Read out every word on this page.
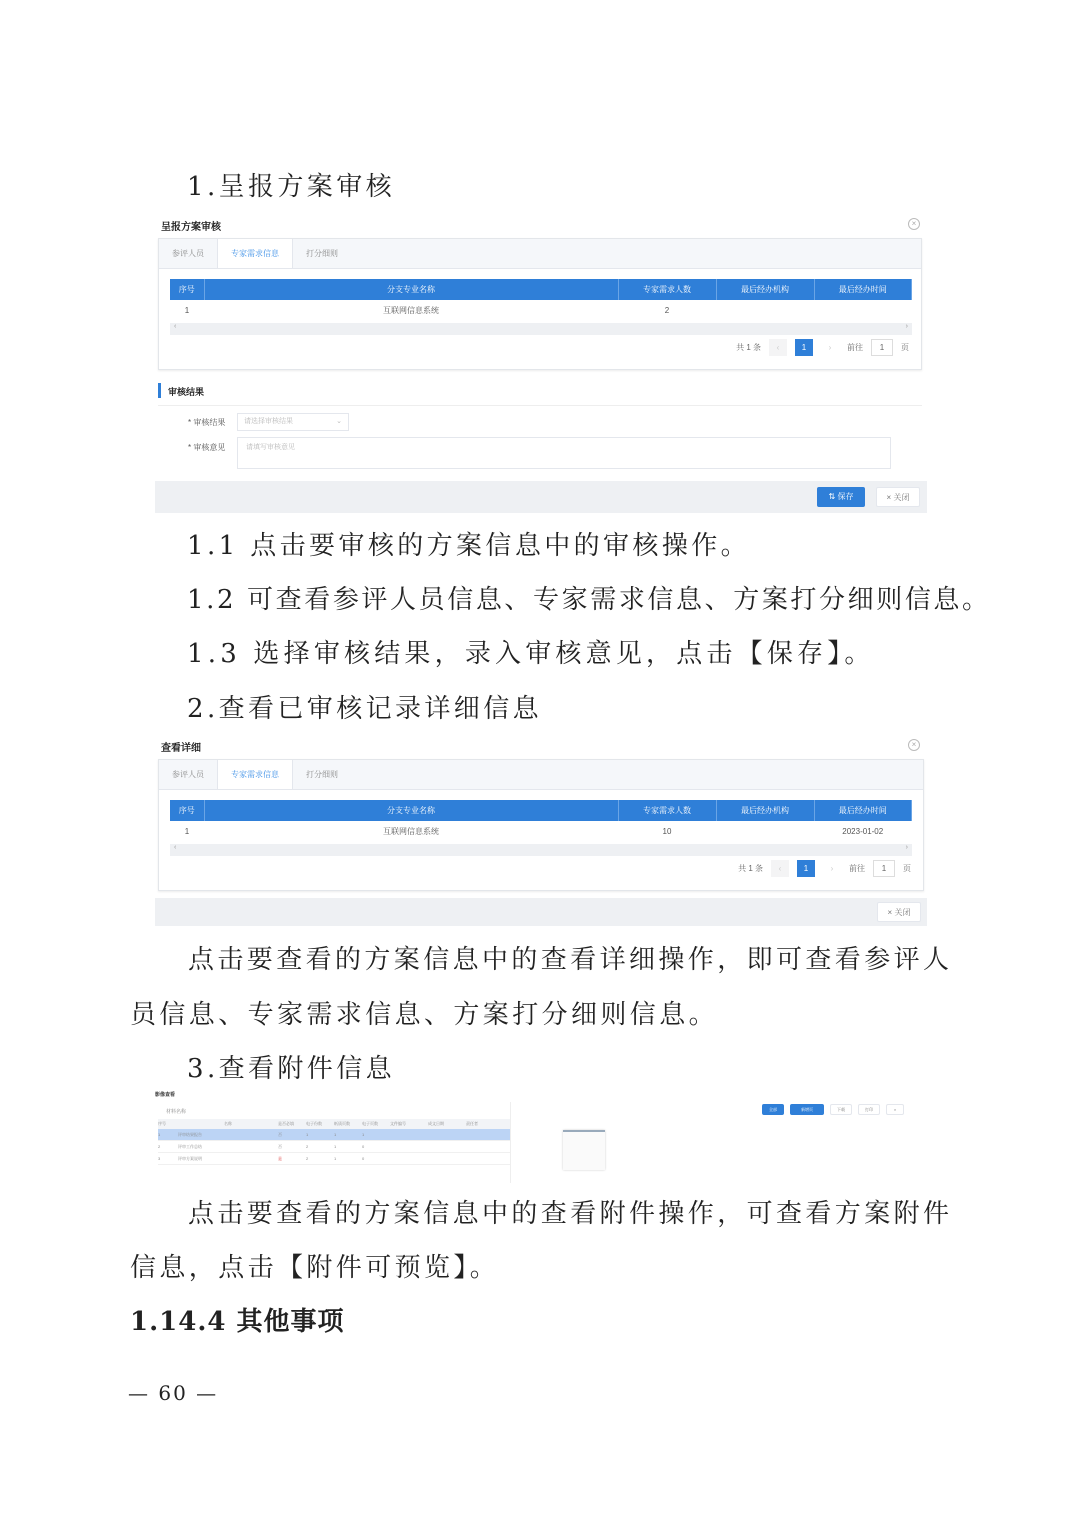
1.呈报方案审核
呈报方案审核	×
参评人员	专家需求信息	打分细则
序号	分支专业名称	专家需求人数	最后经办机构	最后经办时间
1	互联网信息系统	2		
‹	›
共 1 条	‹	1	›	前往	1	页
审核结果
* 审核结果	请选择审核结果	⌄
* 审核意见	请填写审核意见
⇅ 保存	× 关闭
1.1 点击要审核的方案信息中的审核操作。
1.2 可查看参评人员信息、专家需求信息、方案打分细则信息。
1.3 选择审核结果，录入审核意见，点击【保存】。
2.查看已审核记录详细信息
查看详细	×
参评人员	专家需求信息	打分细则
序号	分支专业名称	专家需求人数	最后经办机构	最后经办时间
1	互联网信息系统	10		2023-01-02
‹	›
共 1 条	‹	1	›	前往	1	页
× 关闭
点击要查看的方案信息中的查看详细操作，即可查看参评人
员信息、专家需求信息、方案打分细则信息。
3.查看附件信息
影像查看
材料名称
序号	名称	是否必填	电子份数	纸质页数	电子页数	文件编号	成文日期	责任者
1	评审结果报告	否	1	1	1
2	评审工作总结	否	2	1	0
3	评审方案说明	是	2	1	0
全部	新增页	下载	打印	×
点击要查看的方案信息中的查看附件操作，可查看方案附件
信息，点击【附件可预览】。
1.14.4 其他事项
— 60 —
